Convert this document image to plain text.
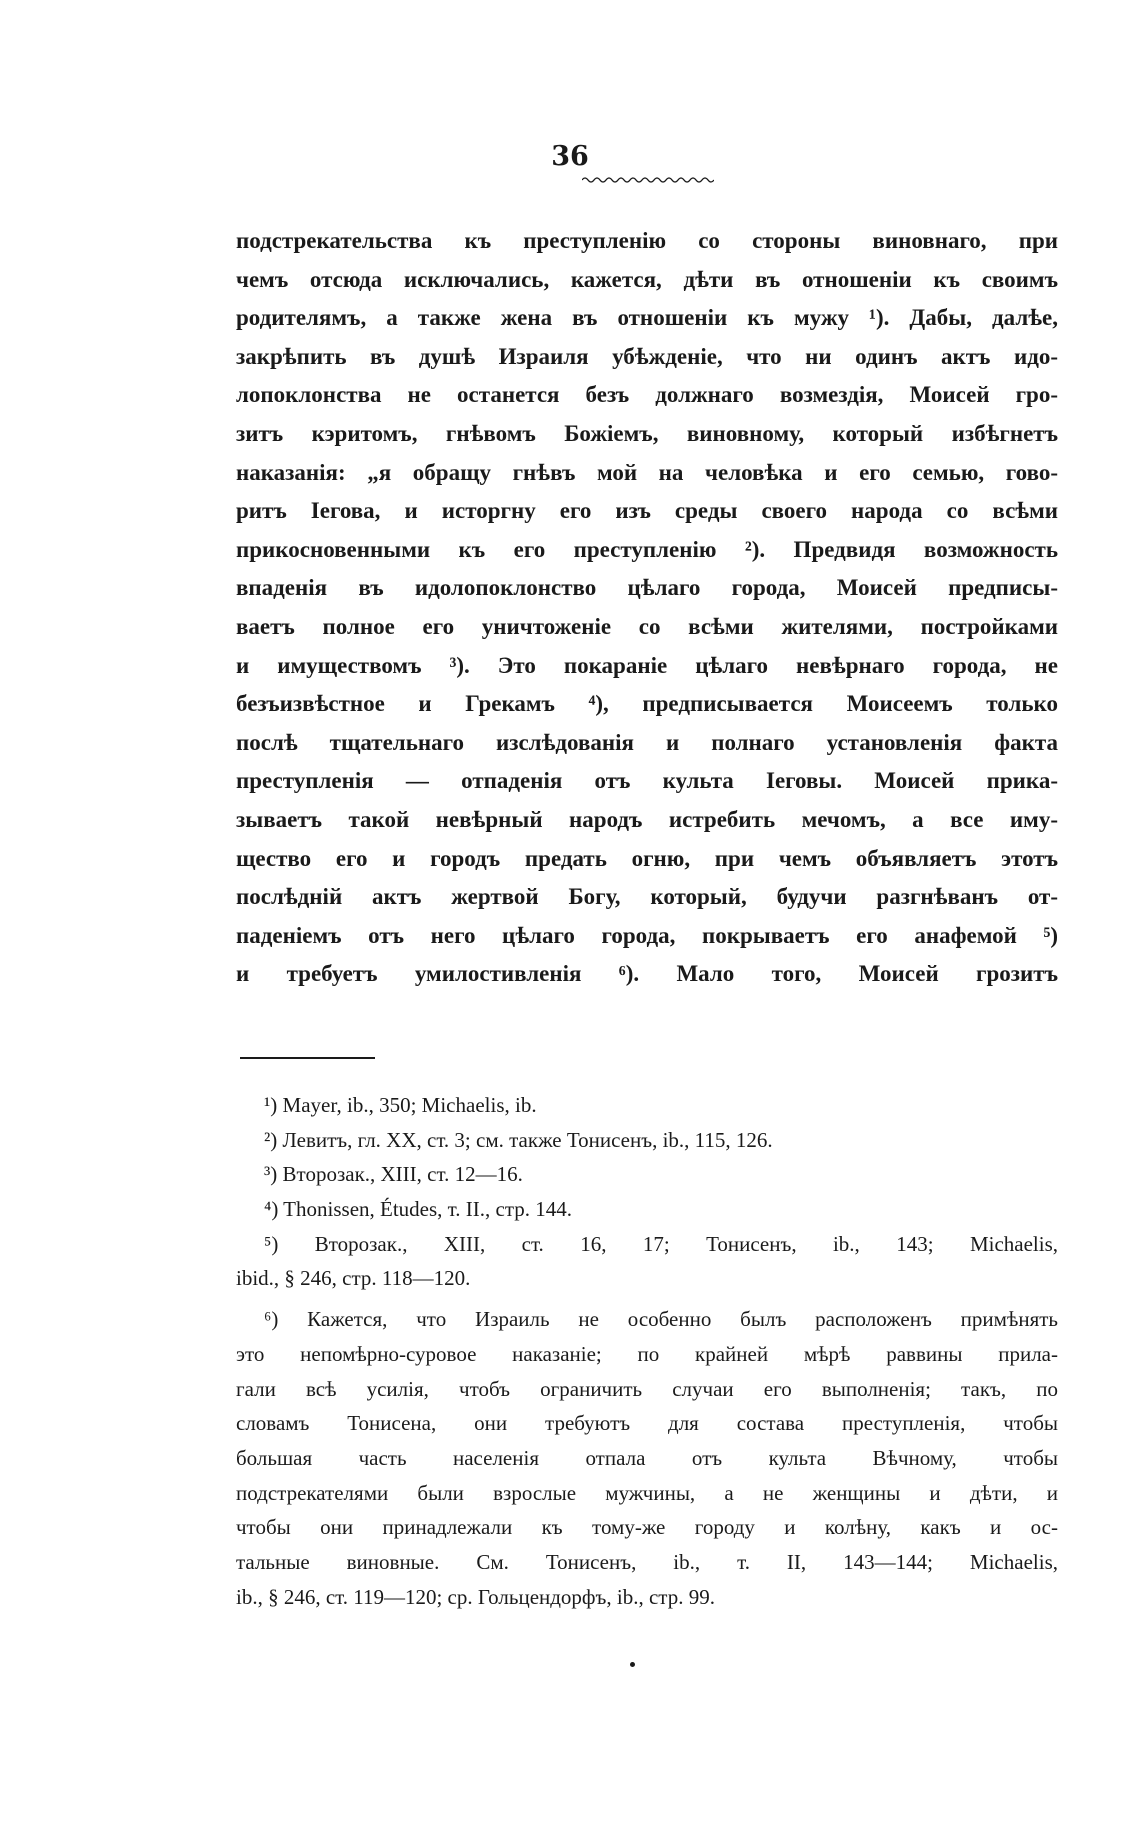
36
подстрекательства къ преступленію со стороны виновнаго, при
чемъ отсюда исключались, кажется, дѣти въ отношеніи къ своимъ
родителямъ, а также жена въ отношеніи къ мужу ¹). Дабы, далѣе,
закрѣпить въ душѣ Израиля убѣжденіе, что ни одинъ актъ идо-
лопоклонства не останется безъ должнаго возмездія, Моисей гро-
зитъ кэритомъ, гнѣвомъ Божіемъ, виновному, который избѣгнетъ
наказанія: „я обращу гнѣвъ мой на человѣка и его семью, гово-
ритъ Іегова, и исторгну его изъ среды своего народа со всѣми
прикосновенными къ его преступленію ²). Предвидя возможность
впаденія въ идолопоклонство цѣлаго города, Моисей предписы-
ваетъ полное его уничтоженіе со всѣми жителями, постройками
и имуществомъ ³). Это покараніе цѣлаго невѣрнаго города, не
безъизвѣстное и Грекамъ ⁴), предписывается Моисеемъ только
послѣ тщательнаго изслѣдованія и полнаго установленія факта
преступленія — отпаденія отъ культа Іеговы. Моисей прика-
зываетъ такой невѣрный народъ истребить мечомъ, а все иму-
щество его и городъ предать огню, при чемъ объявляетъ этотъ
послѣдній актъ жертвой Богу, который, будучи разгнѣванъ от-
паденіемъ отъ него цѣлаго города, покрываетъ его анафемой ⁵)
и требуетъ умилостивленія ⁶). Мало того, Моисей грозитъ
¹) Mayer, ib., 350; Michaelis, ib.
²) Левитъ, гл. XX, ст. 3; см. также Тонисенъ, ib., 115, 126.
³) Второзак., XIII, ст. 12—16.
⁴) Thonissen, Études, т. II., стр. 144.
⁵) Второзак., XIII, ст. 16, 17; Тонисенъ, ib., 143; Michaelis,
ibid., § 246, стр. 118—120.
⁶) Кажется, что Израиль не особенно былъ расположенъ примѣнять
это непомѣрно-суровое наказаніе; по крайней мѣрѣ раввины прила-
гали всѣ усилія, чтобъ ограничить случаи его выполненія; такъ, по
словамъ Тонисена, они требуютъ для состава преступленія, чтобы
большая часть населенія отпала отъ культа Вѣчному, чтобы
подстрекателями были взрослые мужчины, а не женщины и дѣти, и
чтобы они принадлежали къ тому-же городу и колѣну, какъ и ос-
тальные виновные. См. Тонисенъ, ib., т. II, 143—144; Michaelis,
ib., § 246, ст. 119—120; ср. Гольцендорфъ, ib., стр. 99.
